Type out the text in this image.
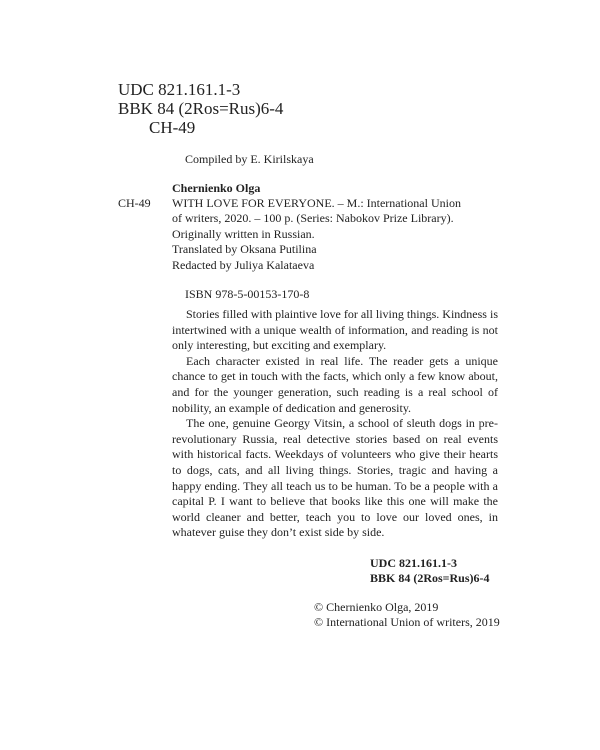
UDC 821.161.1-3
BBK 84 (2Ros=Rus)6-4
CH-49
Compiled by E. Kirilskaya
Chernienko Olga
CH-49 WITH LOVE FOR EVERYONE. – M.: International Union
of writers, 2020. – 100 p. (Series: Nabokov Prize Library).
Originally written in Russian.
Translated by Oksana Putilina
Redacted by Juliya Kalataeva
ISBN 978-5-00153-170-8

Stories filled with plaintive love for all living things. Kindness is intertwined with a unique wealth of information, and reading is not only interesting, but exciting and exemplary.

Each character existed in real life. The reader gets a unique chance to get in touch with the facts, which only a few know about, and for the younger generation, such reading is a real school of nobility, an example of dedication and generosity.

The one, genuine Georgy Vitsin, a school of sleuth dogs in pre-revolutionary Russia, real detective stories based on real events with historical facts. Weekdays of volunteers who give their hearts to dogs, cats, and all living things. Stories, tragic and having a happy ending. They all teach us to be human. To be a people with a capital P. I want to believe that books like this one will make the world cleaner and better, teach you to love our loved ones, in whatever guise they don’t exist side by side.

UDC 821.161.1-3
BBK 84 (2Ros=Rus)6-4
© Chernienko Olga, 2019
© International Union of writers, 2019
